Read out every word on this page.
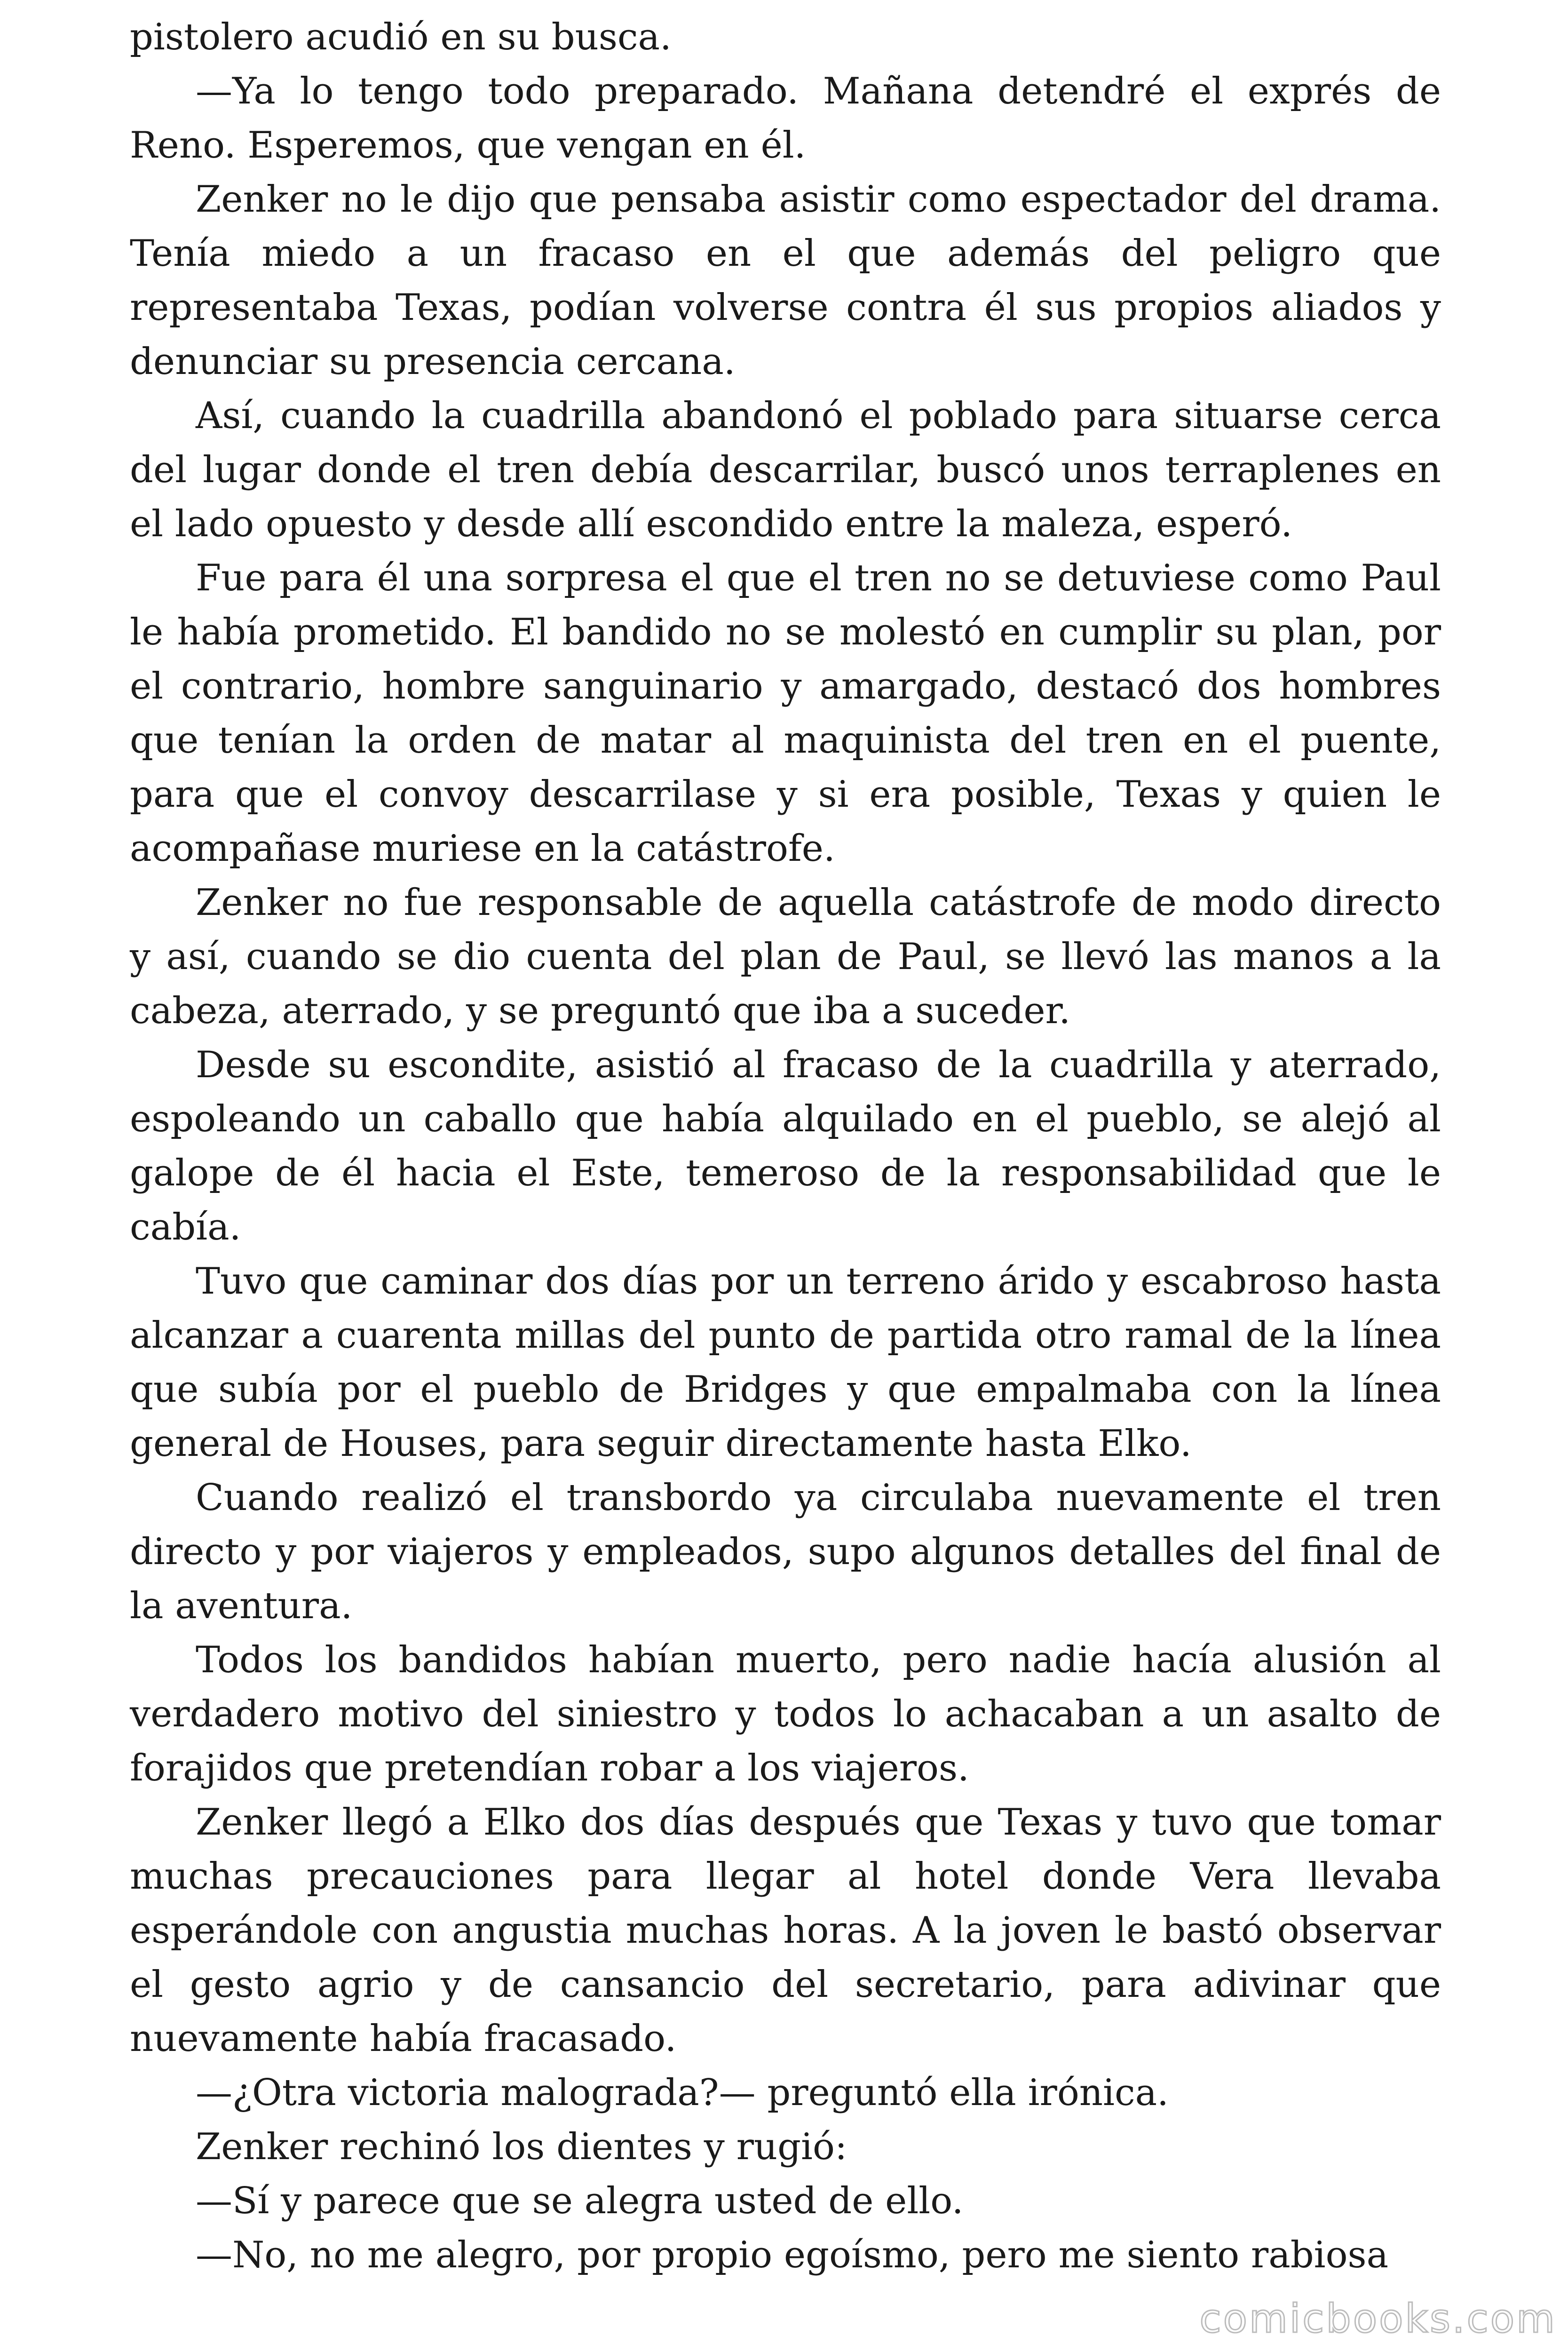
pistolero acudió en su busca.

—Ya lo tengo todo preparado. Mañana detendré el exprés de Reno. Esperemos, que vengan en él.

Zenker no le dijo que pensaba asistir como espectador del drama. Tenía miedo a un fracaso en el que además del peligro que representaba Texas, podían volverse contra él sus propios aliados y denunciar su presencia cercana.

Así, cuando la cuadrilla abandonó el poblado para situarse cerca del lugar donde el tren debía descarrilar, buscó unos terraplenes en el lado opuesto y desde allí escondido entre la maleza, esperó.

Fue para él una sorpresa el que el tren no se detuviese como Paul le había prometido. El bandido no se molestó en cumplir su plan, por el contrario, hombre sanguinario y amargado, destacó dos hombres que tenían la orden de matar al maquinista del tren en el puente, para que el convoy descarrilase y si era posible, Texas y quien le acompañase muriese en la catástrofe.

Zenker no fue responsable de aquella catástrofe de modo directo y así, cuando se dio cuenta del plan de Paul, se llevó las manos a la cabeza, aterrado, y se preguntó que iba a suceder.

Desde su escondite, asistió al fracaso de la cuadrilla y aterrado, espoleando un caballo que había alquilado en el pueblo, se alejó al galope de él hacia el Este, temeroso de la responsabilidad que le cabía.

Tuvo que caminar dos días por un terreno árido y escabroso hasta alcanzar a cuarenta millas del punto de partida otro ramal de la línea que subía por el pueblo de Bridges y que empalmaba con la línea general de Houses, para seguir directamente hasta Elko.

Cuando realizó el transbordo ya circulaba nuevamente el tren directo y por viajeros y empleados, supo algunos detalles del final de la aventura.

Todos los bandidos habían muerto, pero nadie hacía alusión al verdadero motivo del siniestro y todos lo achacaban a un asalto de forajidos que pretendían robar a los viajeros.

Zenker llegó a Elko dos días después que Texas y tuvo que tomar muchas precauciones para llegar al hotel donde Vera llevaba esperándole con angustia muchas horas. A la joven le bastó observar el gesto agrio y de cansancio del secretario, para adivinar que nuevamente había fracasado.

—¿Otra victoria malograda?— preguntó ella irónica.

Zenker rechinó los dientes y rugió:

—Sí y parece que se alegra usted de ello.

—No, no me alegro, por propio egoísmo, pero me siento rabiosa

comicbooks.com
